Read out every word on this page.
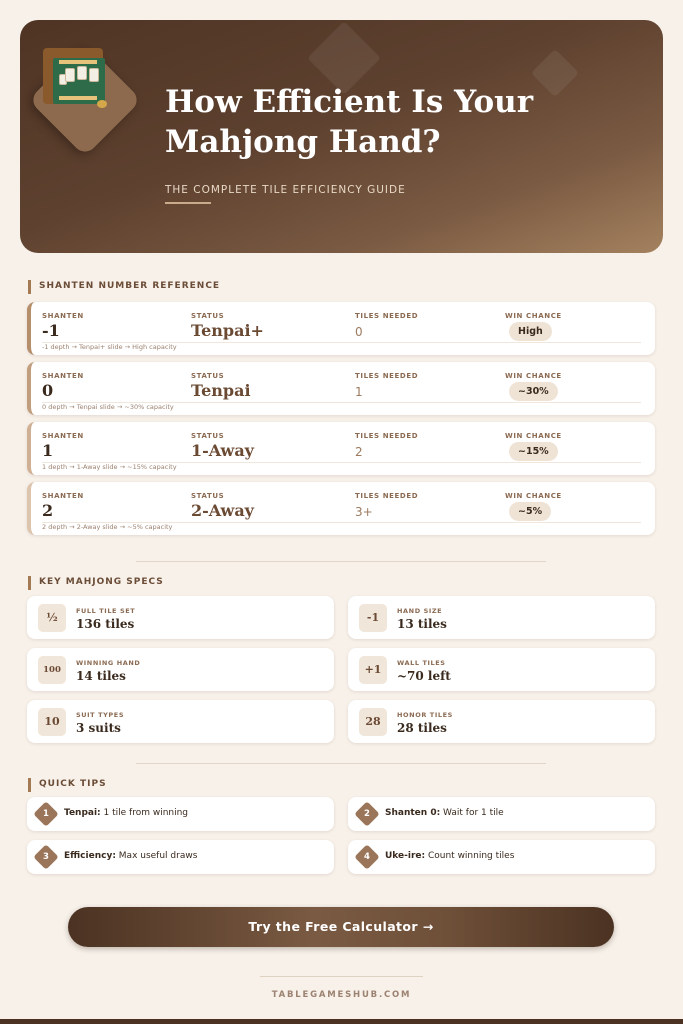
How Efficient Is Your
Mahjong Hand?
THE COMPLETE TILE EFFICIENCY GUIDE
SHANTEN NUMBER REFERENCE
SHANTEN	STATUS	TILES NEEDED	WIN CHANCE
-1	Tenpai+	0	High
-1 depth → Tenpai+ slide → High capacity
SHANTEN	STATUS	TILES NEEDED	WIN CHANCE
0	Tenpai	1	~30%
0 depth → Tenpai slide → ~30% capacity
SHANTEN	STATUS	TILES NEEDED	WIN CHANCE
1	1-Away	2	~15%
1 depth → 1-Away slide → ~15% capacity
SHANTEN	STATUS	TILES NEEDED	WIN CHANCE
2	2-Away	3+	~5%
2 depth → 2-Away slide → ~5% capacity
KEY MAHJONG SPECS
½	FULL TILE SET
136 tiles	-1	HAND SIZE
13 tiles
100
WINNING HAND
14 tiles	+1	WALL TILES
~70 left
10	SUIT TYPES
3 suits	28	HONOR TILES
28 tiles
QUICK TIPS
1	Tenpai: 1 tile from winning	2	Shanten 0: Wait for 1 tile
3	Efficiency: Max useful draws	4	Uke-ire: Count winning tiles
Try the Free Calculator →
TABLEGAMESHUB.COM
